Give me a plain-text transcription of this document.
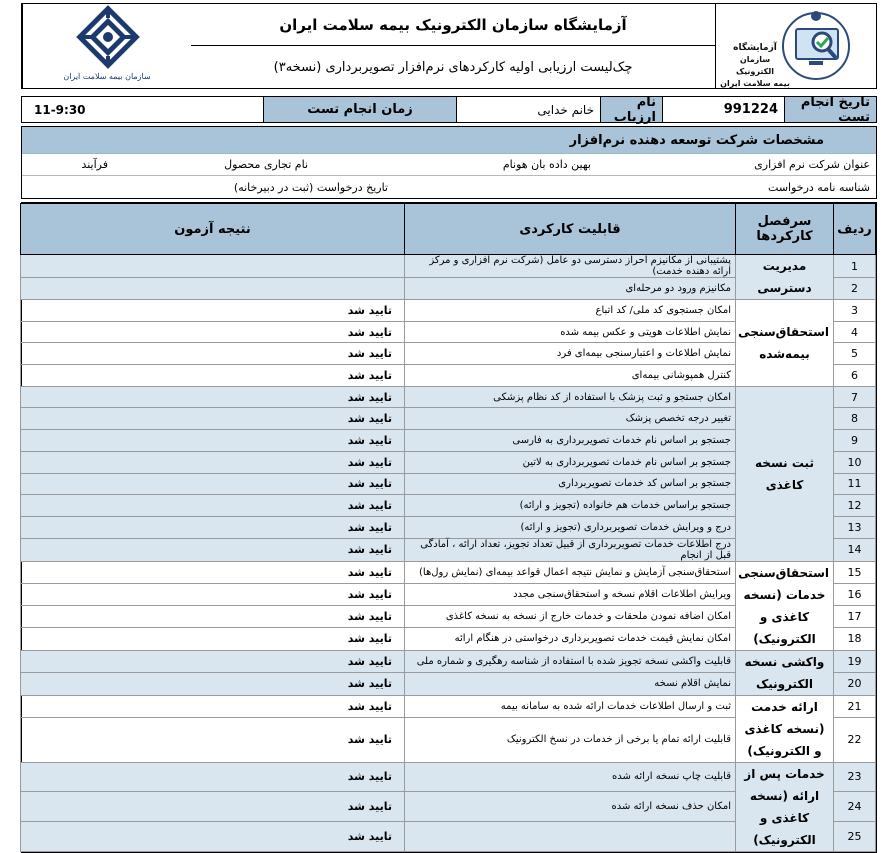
سازمان بیمه سلامت ایران
آزمایشگاه سازمان الکترونیک بیمه سلامت ایران
چک‌لیست ارزیابی اولیه کارکردهای نرم‌افزار تصویربرداری (نسخه۳)
آزمایشگاه
سازمان الکترونیک
بیمه سلامت ایران
تاریخ انجام تست
991224
نام ارزیاب
خانم خدایی
زمان انجام تست
11-9:30
مشخصات شرکت توسعه دهنده نرم‌افزار
عنوان شرکت نرم افزاری
بهین داده بان هونام
نام تجاری محصول
فرآیند
شناسه نامه درخواست
تاریخ درخواست (ثبت در دبیرخانه)
ردیف	سرفصل کارکردها	قابلیت کارکردی	نتیجه آزمون
1	مدیریت دسترسی	پشتیبانی از مکانیزم احراز دسترسی دو عامل (شرکت نرم افزاری و مرکز ارائه دهنده خدمت)	
2		مکانیزم ورود دو مرحله‌ای	
3	استحقاق‌سنجی بیمه‌شده	امکان جستجوی کد ملی/ کد اتباع	تایید شد
4		نمایش اطلاعات هویتی و عکس بیمه شده	تایید شد
5		نمایش اطلاعات و اعتبارسنجی بیمه‌ای فرد	تایید شد
6		کنترل همپوشانی بیمه‌ای	تایید شد
7	ثبت نسخه کاغذی	امکان جستجو و ثبت پزشک با استفاده از کد نظام پزشکی	تایید شد
8		تغییر درجه تخصص پزشک	تایید شد
9		جستجو بر اساس نام خدمات تصویربرداری به فارسی	تایید شد
10		جستجو بر اساس نام خدمات تصویربرداری به لاتین	تایید شد
11		جستجو بر اساس کد خدمات تصویربرداری	تایید شد
12		جستجو براساس خدمات هم خانواده (تجویز و ارائه)	تایید شد
13		درج و ویرایش خدمات تصویربرداری (تجویز و ارائه)	تایید شد
14		درج اطلاعات خدمات تصویربرداری از قبیل تعداد تجویز، تعداد ارائه ، آمادگی قبل از انجام	تایید شد
15	استحقاق‌سنجی خدمات (نسخه کاغذی و الکترونیک)	استحقاق‌سنجی آزمایش و نمایش نتیجه اعمال قواعد بیمه‌ای (نمایش رول‌ها)	تایید شد
16		ویرایش اطلاعات اقلام نسخه و استحقاق‌سنجی مجدد	تایید شد
17		امکان اضافه نمودن ملحقات و خدمات خارج از نسخه به نسخه کاغذی	تایید شد
18		امکان نمایش قیمت خدمات تصویربرداری درخواستی در هنگام ارائه	تایید شد
19	واکشی نسخه الکترونیک	قابلیت واکشی نسخه تجویز شده با استفاده از شناسه رهگیری و شماره ملی	تایید شد
20		نمایش اقلام نسخه	تایید شد
21	ارائه خدمت (نسخه کاغذی و الکترونیک)	ثبت و ارسال اطلاعات خدمات ارائه شده به سامانه بیمه	تایید شد
22		قابلیت ارائه تمام یا برخی از خدمات در نسخ الکترونیک	تایید شد
23	خدمات پس از ارائه (نسخه کاغذی و الکترونیک)	قابلیت چاپ نسخه ارائه شده	تایید شد
24		امکان حذف نسخه ارائه شده	تایید شد
25			تایید شد
